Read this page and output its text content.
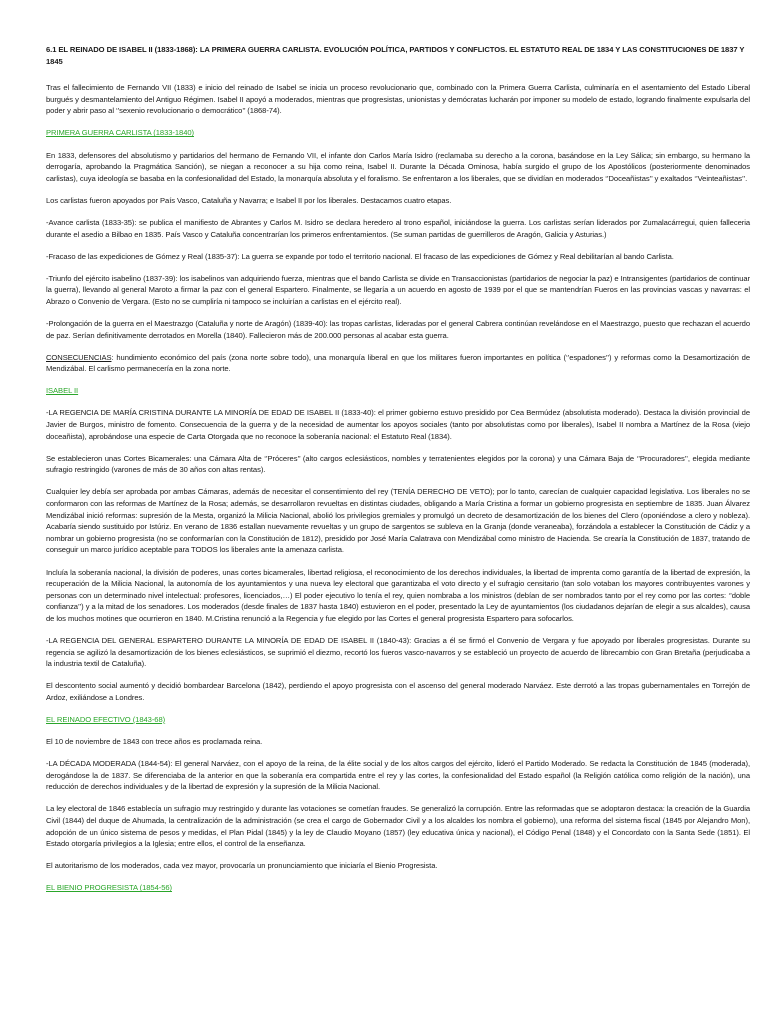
6.1 EL REINADO DE ISABEL II (1833-1868): LA PRIMERA GUERRA CARLISTA. EVOLUCIÓN POLÍTICA, PARTIDOS Y CONFLICTOS. EL ESTATUTO REAL DE 1834 Y LAS CONSTITUCIONES DE 1837 Y 1845

Tras el fallecimiento de Fernando VII (1833) e inicio del reinado de Isabel se inicia un proceso revolucionario que, combinado con la Primera Guerra Carlista, culminaría en el asentamiento del Estado Liberal burgués y desmantelamiento del Antiguo Régimen. Isabel II apoyó a moderados, mientras que progresistas, unionistas y demócratas lucharán por imponer su modelo de estado, logrando finalmente expulsarla del poder y abrir paso al ‘’sexenio revolucionario o democrático’’ (1868-74).

PRIMERA GUERRA CARLISTA (1833-1840)

En 1833, defensores del absolutismo y partidarios del hermano de Fernando VII, el infante don Carlos María Isidro (reclamaba su derecho a la corona, basándose en la Ley Sálica; sin embargo, su hermano la derrogaría, aprobando la Pragmática Sanción), se niegan a reconocer a su hija como reina, Isabel II. Durante la Década Ominosa, había surgido el grupo de los Apostólicos (posteriormente denominados carlistas), cuya ideología se basaba en la confesionalidad del Estado, la monarquía absoluta y el foralismo. Se enfrentaron a los liberales, que se dividían en moderados ‘’Doceañistas’’ y exaltados ‘’Veinteañistas’’.

Los carlistas fueron apoyados por País Vasco, Cataluña y Navarra; e Isabel II por los liberales. Destacamos cuatro etapas.

-Avance carlista (1833-35): se publica el manifiesto de Abrantes y Carlos M. Isidro se declara heredero al trono español, iniciándose la guerra. Los carlistas serían liderados por Zumalacárregui, quien falleceria durante el asedio a Bilbao en 1835. País Vasco y Cataluña concentrarían los primeros enfrentamientos. (Se suman partidas de guerrilleros de Aragón, Galicia y Asturias.)

-Fracaso de las expediciones de Gómez y Real (1835-37): La guerra se expande por todo el territorio nacional. El fracaso de las expediciones de Gómez y Real debilitarían al bando Carlista.

-Triunfo del ejército isabelino (1837-39): los isabelinos van adquiriendo fuerza, mientras que el bando Carlista se divide en Transaccionistas (partidarios de negociar la paz) e Intransigentes (partidarios de continuar la guerra), llevando al general Maroto a firmar la paz con el general Espartero. Finalmente, se llegaría a un acuerdo en agosto de 1939 por el que se mantendrían Fueros en las provincias vascas y navarras: el Abrazo o Convenio de Vergara. (Esto no se cumpliría ni tampoco se incluirían a carlistas en el ejército real).

-Prolongación de la guerra en el Maestrazgo (Cataluña y norte de Aragón) (1839-40): las tropas carlistas, lideradas por el general Cabrera continúan revelándose en el Maestrazgo, puesto que rechazan el acuerdo de paz. Serían definitivamente derrotados en Morella (1840). Fallecieron más de 200.000 personas al acabar esta guerra.

CONSECUENCIAS: hundimiento económico del país (zona norte sobre todo), una monarquía liberal en que los militares fueron importantes en política (‘’espadones’’) y reformas como la Desamortización de Mendizábal. El carlismo permanecería en la zona norte.

ISABEL II

-LA REGENCIA DE MARÍA CRISTINA DURANTE LA MINORÍA DE EDAD DE ISABEL II (1833-40): el primer gobierno estuvo presidido por Cea Bermúdez (absolutista moderado). Destaca la división provincial de Javier de Burgos, ministro de fomento. Consecuencia de la guerra y de la necesidad de aumentar los apoyos sociales (tanto por absolutistas como por liberales), Isabel II nombra a Martínez de la Rosa (viejo doceañista), aprobándose una especie de Carta Otorgada que no reconoce la soberanía nacional: el Estatuto Real (1834).

Se establecieron unas Cortes Bicamerales: una Cámara Alta de ‘’Próceres’’ (alto cargos eclesiásticos, nombles y terratenientes elegidos por la corona) y una Cámara Baja de ‘’Procuradores’’, elegida mediante sufragio restringido (varones de más de 30 años con altas rentas).

Cualquier ley debía ser aprobada por ambas Cámaras, además de necesitar el consentimiento del rey (TENÍA DERECHO DE VETO); por lo tanto, carecían de cualquier capacidad legislativa. Los liberales no se conformaron con las reformas de Martínez de la Rosa; además, se desarrollaron revueltas en distintas ciudades, obligando a María Cristina a formar un gobierno progresista en septiembre de 1835. Juan Álvarez Mendizábal inició reformas: supresión de la Mesta, organizó la Milicia Nacional, abolió los privilegios gremiales y promulgó un decreto de desamortización de los bienes del Clero (oponiéndose a clero y nobleza). Acabaría siendo sustituido por Istúriz. En verano de 1836 estallan nuevamente revueltas y un grupo de sargentos se subleva en la Granja (donde veraneaba), forzándola a establecer la Constitución de Cádiz y a nombrar un gobierno progresista (no se conformarían con la Constitución de 1812), presidido por José María Calatrava con Mendizábal como ministro de Hacienda. Se crearía la Constitución de 1837, tratando de conseguir un marco jurídico aceptable para TODOS los liberales ante la amenaza carlista.

Incluía la soberanía nacional, la división de poderes, unas cortes bicamerales, libertad religiosa, el reconocimiento de los derechos individuales, la libertad de imprenta como garantía de la libertad de expresión, la recuperación de la Milicia Nacional, la autonomía de los ayuntamientos y una nueva ley electoral que garantizaba el voto directo y el sufragio censitario (tan solo votaban los mayores contribuyentes varones y personas con un determinado nivel intelectual: profesores, licenciados,…) El poder ejecutivo lo tenía el rey, quien nombraba a los ministros (debían de ser nombrados tanto por el rey como por las cortes: ‘’doble confianza’’) y a la mitad de los senadores. Los moderados (desde finales de 1837 hasta 1840) estuvieron en el poder, presentado la Ley de ayuntamientos (los ciudadanos dejarían de elegir a sus alcaldes), causa de los muchos motines que ocurrieron en 1840. M.Cristina renunció a la Regencia y fue elegido por las Cortes el general progresista Espartero para sofocarlos.

-LA REGENCIA DEL GENERAL ESPARTERO DURANTE LA MINORÍA DE EDAD DE ISABEL II (1840-43): Gracias a él se firmó el Convenio de Vergara y fue apoyado por liberales progresistas. Durante su regencia se agilizó la desamortización de los bienes eclesiásticos, se suprimió el diezmo, recortó los fueros vasco-navarros y se estableció un proyecto de acuerdo de librecambio con Gran Bretaña (perjudicaba a la industria textil de Cataluña).

El descontento social aumentó y decidió bombardear Barcelona (1842), perdiendo el apoyo progresista con el ascenso del general moderado Narváez. Este derrotó a las tropas gubernamentales en Torrejón de Ardoz, exiliándose a Londres.

EL REINADO EFECTIVO (1843-68)

El 10 de noviembre de 1843 con trece años es proclamada reina.

-LA DÉCADA MODERADA (1844-54): El general Narváez, con el apoyo de la reina, de la élite social y de los altos cargos del ejército, lideró el Partido Moderado. Se redacta la Constitución de 1845 (moderada), derogándose la de 1837. Se diferenciaba de la anterior en que la soberanía era compartida entre el rey y las cortes, la confesionalidad del Estado español (la Religión católica como religión de la nación), una reducción de derechos individuales y de la libertad de expresión y la supresión de la Milicia Nacional.

La ley electoral de 1846 establecía un sufragio muy restringido y durante las votaciones se cometían fraudes. Se generalizó la corrupción. Entre las reformadas que se adoptaron destaca: la creación de la Guardia Civil (1844) del duque de Ahumada, la centralización de la administración (se crea el cargo de Gobernador Civil y a los alcaldes los nombra el gobierno), una reforma del sistema fiscal (1845 por Alejandro Mon), adopción de un único sistema de pesos y medidas, el Plan Pidal (1845) y la ley de Claudio Moyano (1857) (ley educativa única y nacional), el Código Penal (1848) y el Concordato con la Santa Sede (1851). El Estado otorgaría privilegios a la Iglesia; entre ellos, el control de la enseñanza.

El autoritarismo de los moderados, cada vez mayor, provocaría un pronunciamiento que iniciaría el Bienio Progresista.

EL BIENIO PROGRESISTA (1854-56)
